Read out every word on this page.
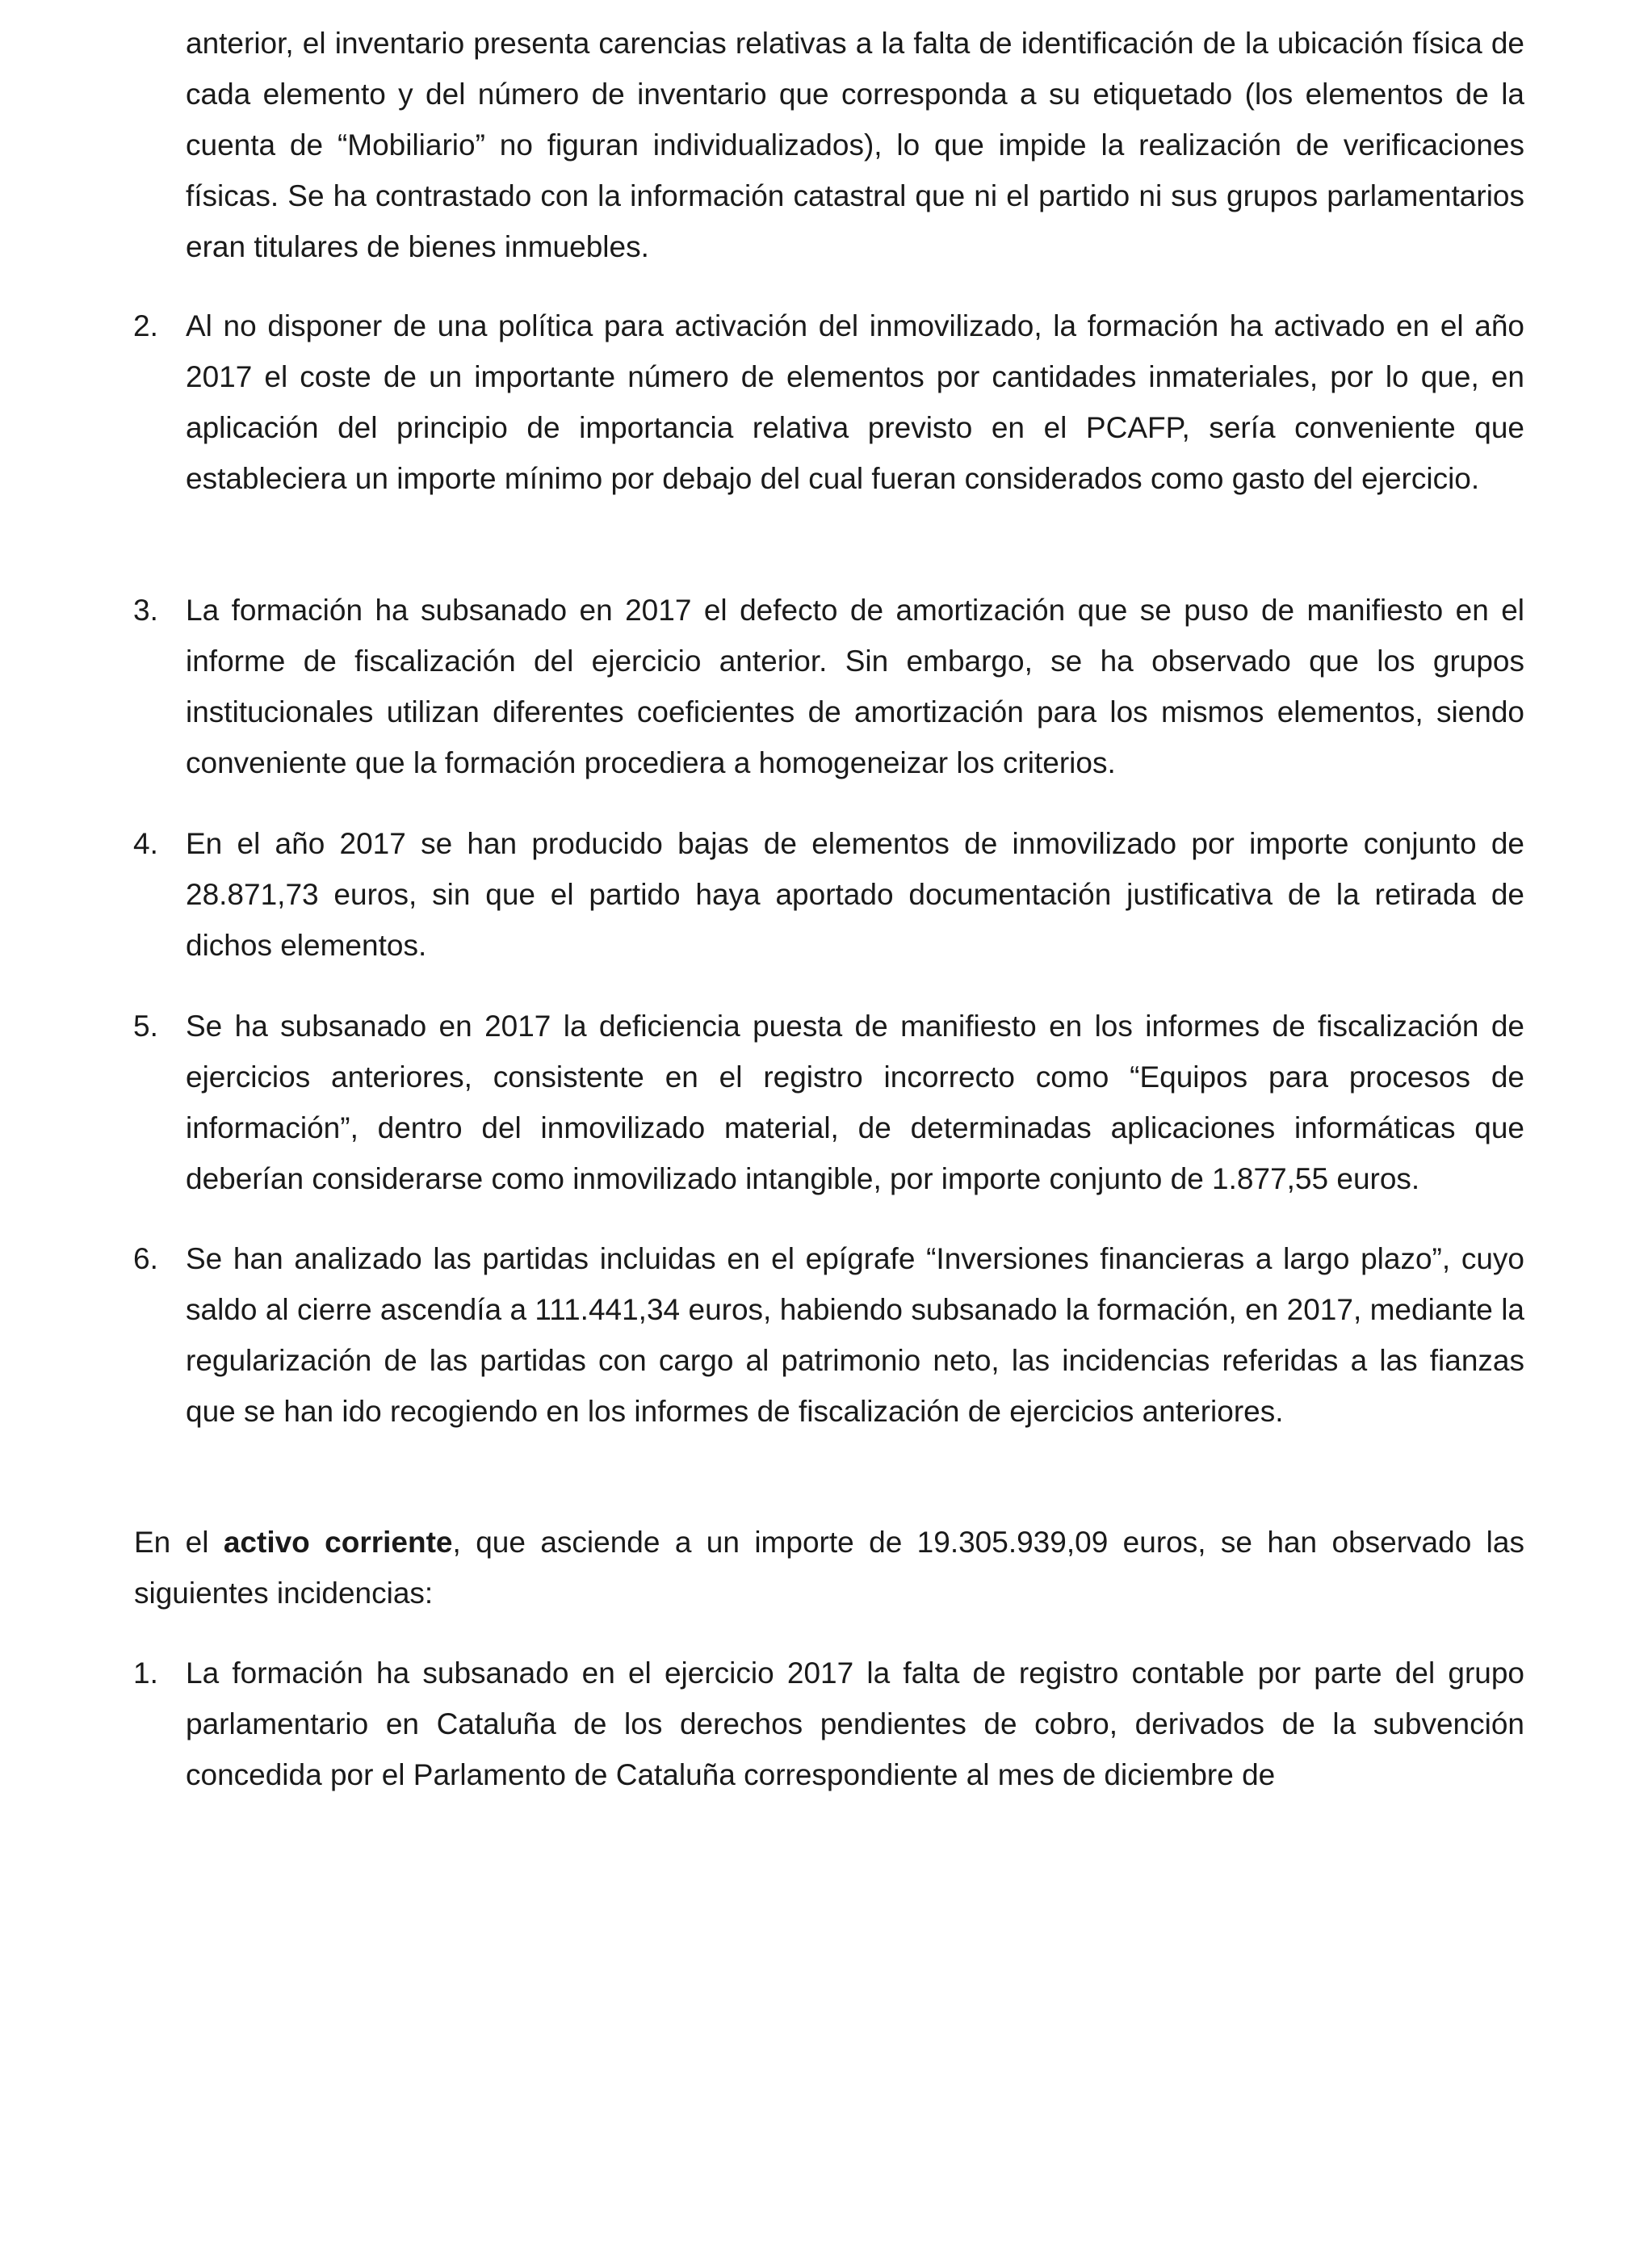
anterior, el inventario presenta carencias relativas a la falta de identificación de la ubicación física de cada elemento y del número de inventario que corresponda a su etiquetado (los elementos de la cuenta de “Mobiliario” no figuran individualizados), lo que impide la realización de verificaciones físicas. Se ha contrastado con la información catastral que ni el partido ni sus grupos parlamentarios eran titulares de bienes inmuebles.

2. Al no disponer de una política para activación del inmovilizado, la formación ha activado en el año 2017 el coste de un importante número de elementos por cantidades inmateriales, por lo que, en aplicación del principio de importancia relativa previsto en el PCAFP, sería conveniente que estableciera un importe mínimo por debajo del cual fueran considerados como gasto del ejercicio.

3. La formación ha subsanado en 2017 el defecto de amortización que se puso de manifiesto en el informe de fiscalización del ejercicio anterior. Sin embargo, se ha observado que los grupos institucionales utilizan diferentes coeficientes de amortización para los mismos elementos, siendo conveniente que la formación procediera a homogeneizar los criterios.

4. En el año 2017 se han producido bajas de elementos de inmovilizado por importe conjunto de 28.871,73 euros, sin que el partido haya aportado documentación justificativa de la retirada de dichos elementos.

5. Se ha subsanado en 2017 la deficiencia puesta de manifiesto en los informes de fiscalización de ejercicios anteriores, consistente en el registro incorrecto como “Equipos para procesos de información”, dentro del inmovilizado material, de determinadas aplicaciones informáticas que deberían considerarse como inmovilizado intangible, por importe conjunto de 1.877,55 euros.

6. Se han analizado las partidas incluidas en el epígrafe “Inversiones financieras a largo plazo”, cuyo saldo al cierre ascendía a 111.441,34 euros, habiendo subsanado la formación, en 2017, mediante la regularización de las partidas con cargo al patrimonio neto, las incidencias referidas a las fianzas que se han ido recogiendo en los informes de fiscalización de ejercicios anteriores.

En el activo corriente, que asciende a un importe de 19.305.939,09 euros, se han observado las siguientes incidencias:

1. La formación ha subsanado en el ejercicio 2017 la falta de registro contable por parte del grupo parlamentario en Cataluña de los derechos pendientes de cobro, derivados de la subvención concedida por el Parlamento de Cataluña correspondiente al mes de diciembre de
